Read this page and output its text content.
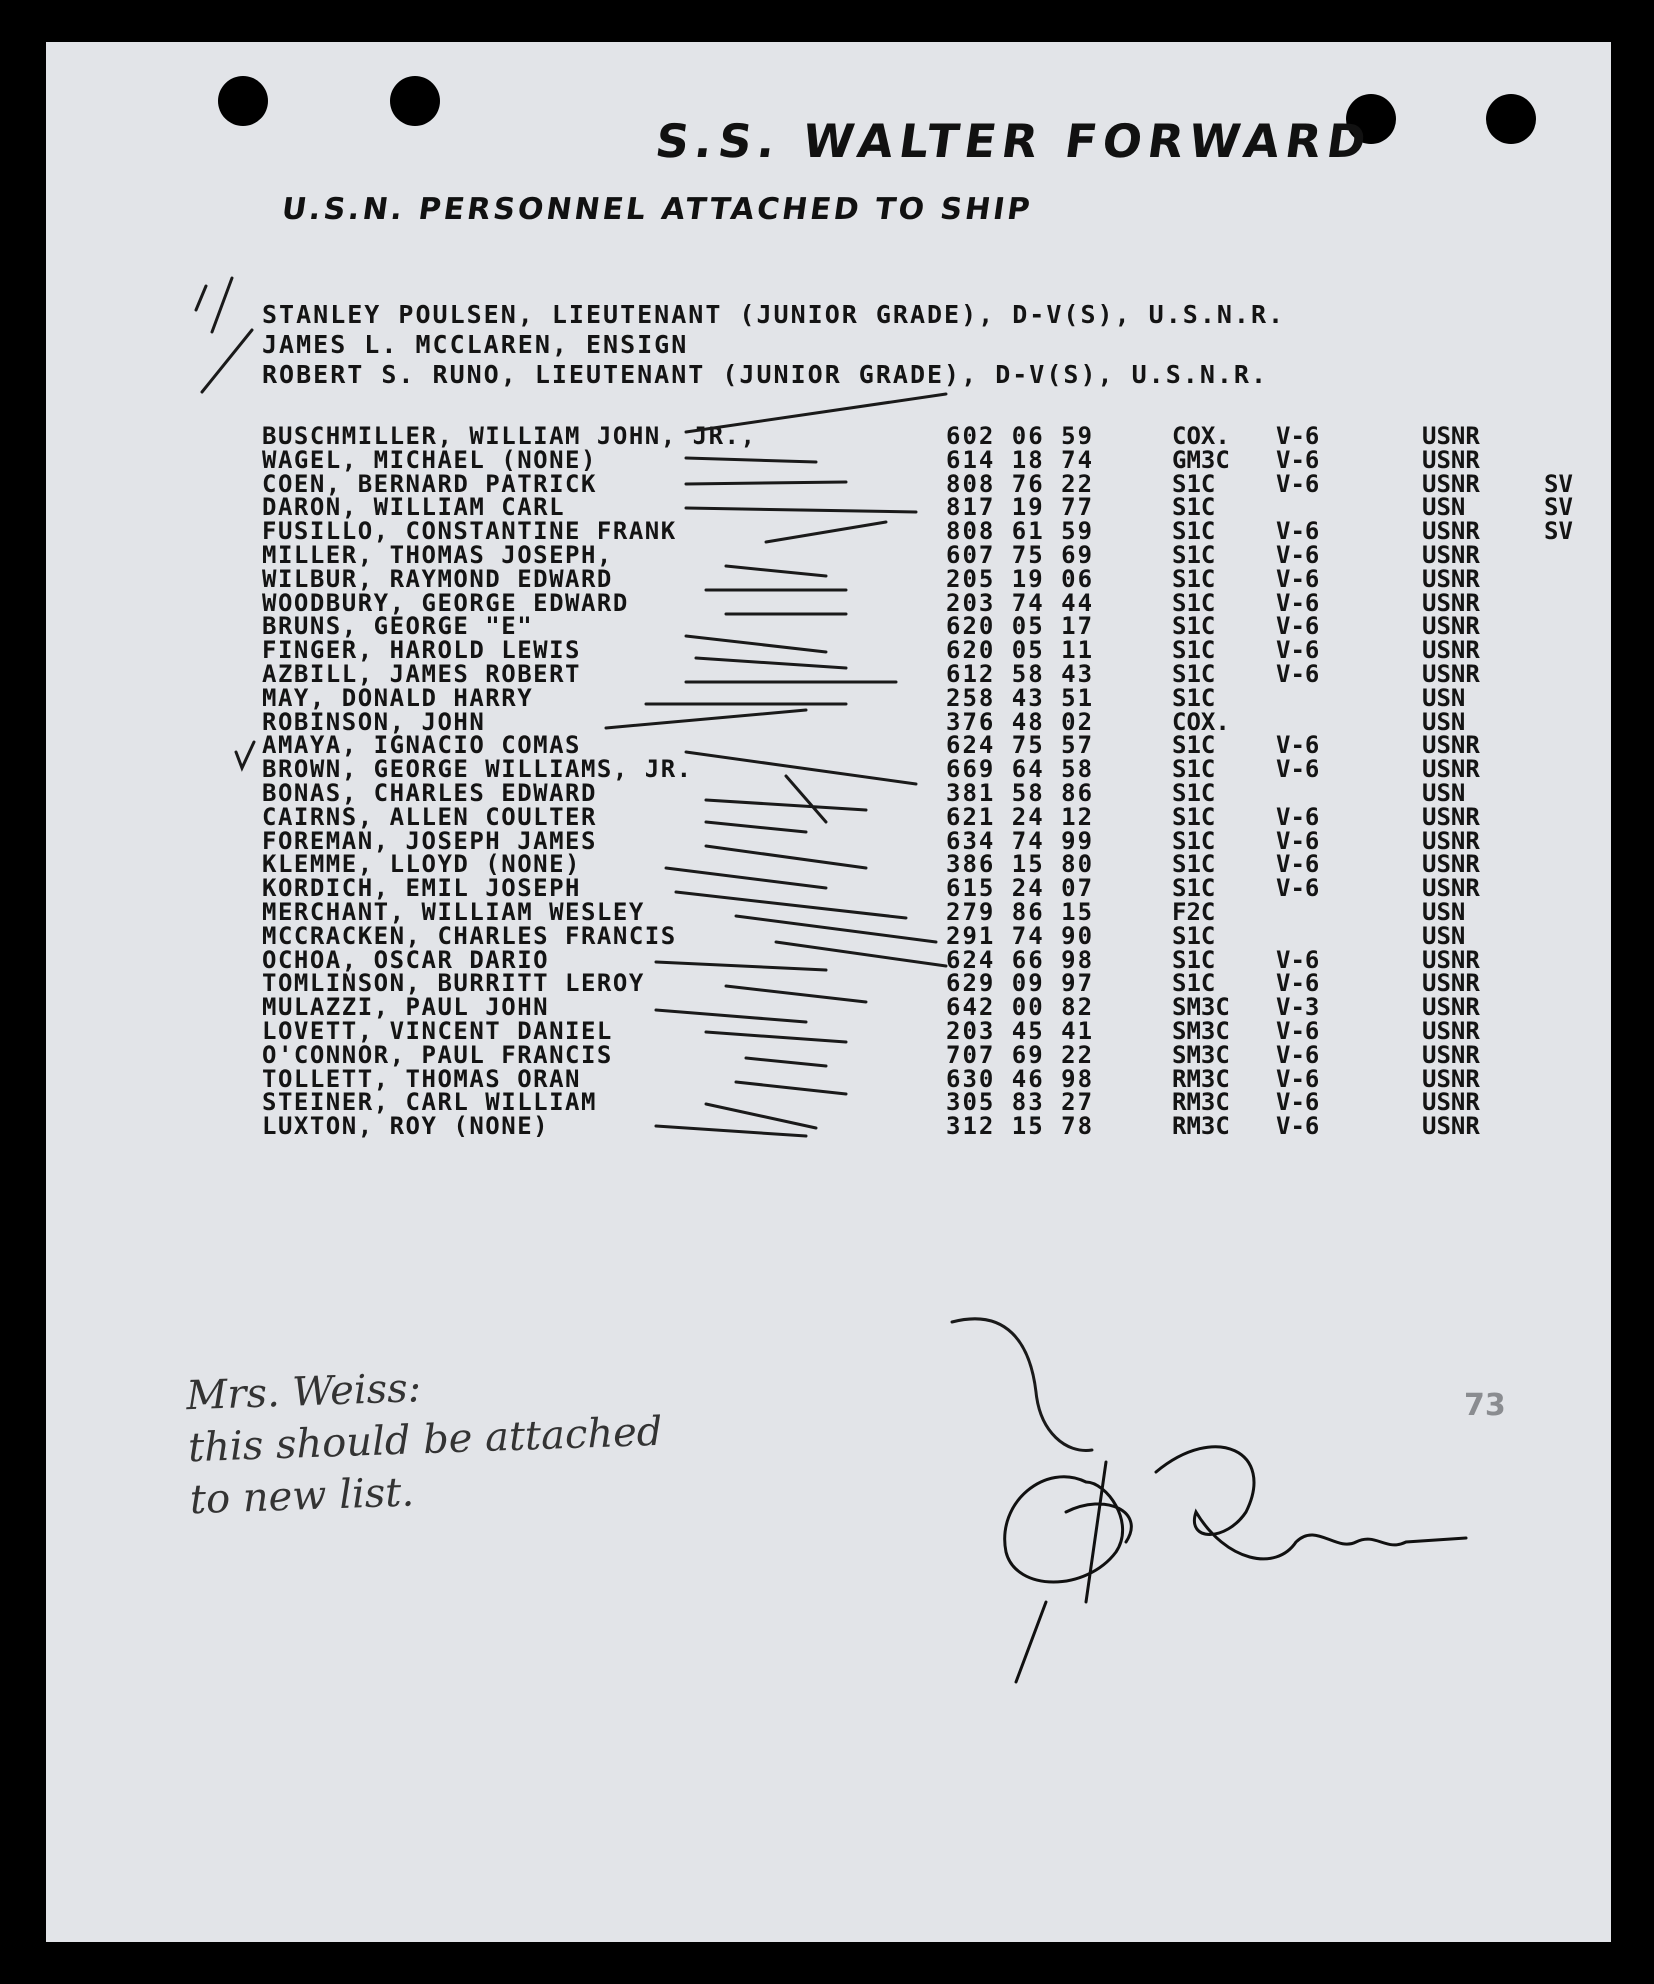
S.S. WALTER FORWARD
U.S.N. PERSONNEL ATTACHED TO SHIP
STANLEY POULSEN, LIEUTENANT (JUNIOR GRADE), D-V(S), U.S.N.R.
JAMES L. MCCLAREN, ENSIGN
ROBERT S. RUNO, LIEUTENANT (JUNIOR GRADE), D-V(S), U.S.N.R.
BUSCHMILLER, WILLIAM JOHN, JR.,	602 06 59	COX. V-6	USNR
WAGEL, MICHAEL (NONE)	614 18 74	GM3C V-6	USNR
COEN, BERNARD PATRICK	808 76 22	S1C	V-6	USNR	SV
DARON, WILLIAM CARL	817 19 77	S1C	USN	SV
FUSILLO, CONSTANTINE FRANK	808 61 59	S1C	V-6	USNR	SV
MILLER, THOMAS JOSEPH,	607 75 69	S1C	V-6	USNR
WILBUR, RAYMOND EDWARD	205 19 06	S1C	V-6	USNR
WOODBURY, GEORGE EDWARD	203 74 44	S1C	V-6	USNR
BRUNS, GEORGE "E"	620 05 17	S1C	V-6	USNR
FINGER, HAROLD LEWIS	620 05 11	S1C	V-6	USNR
AZBILL, JAMES ROBERT	612 58 43	S1C	V-6	USNR
MAY, DONALD HARRY	258 43 51	S1C	USN
ROBINSON, JOHN	376 48 02	COX.	USN
AMAYA, IGNACIO COMAS	624 75 57	S1C	V-6	USNR
BROWN, GEORGE WILLIAMS, JR.	669 64 58	S1C	V-6	USNR
BONAS, CHARLES EDWARD	381 58 86	S1C	USN
CAIRNS, ALLEN COULTER	621 24 12	S1C	V-6	USNR
FOREMAN, JOSEPH JAMES	634 74 99	S1C	V-6	USNR
KLEMME, LLOYD (NONE)	386 15 80	S1C	V-6	USNR
KORDICH, EMIL JOSEPH	615 24 07	S1C	V-6	USNR
MERCHANT, WILLIAM WESLEY	279 86 15	F2C	USN
MCCRACKEN, CHARLES FRANCIS	291 74 90	S1C	USN
OCHOA, OSCAR DARIO	624 66 98	S1C	V-6	USNR
TOMLINSON, BURRITT LEROY	629 09 97	S1C	V-6	USNR
MULAZZI, PAUL JOHN	642 00 82	SM3C V-3	USNR
LOVETT, VINCENT DANIEL	203 45 41	SM3C V-6	USNR
O'CONNOR, PAUL FRANCIS	707 69 22	SM3C V-6	USNR
TOLLETT, THOMAS ORAN	630 46 98	RM3C V-6	USNR
STEINER, CARL WILLIAM	305 83 27	RM3C V-6	USNR
LUXTON, ROY (NONE)	312 15 78	RM3C V-6	USNR
Mrs. Weiss:
this should be attached
to new list.
73
